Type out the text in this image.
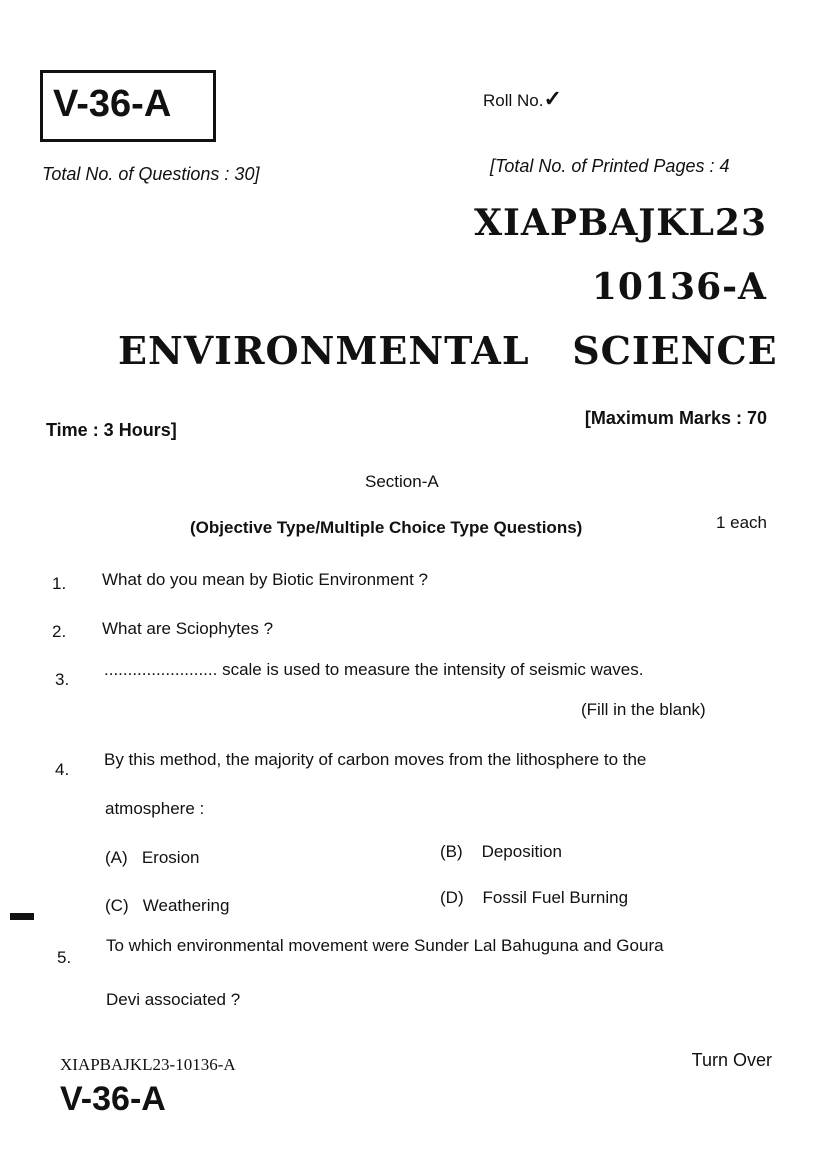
V-36-A	Roll No.✓
Total No. of Questions : 30]	[Total No. of Printed Pages : 4
XIAPBAJKL23
10136-A
ENVIRONMENTAL   SCIENCE
Time : 3 Hours]
[Maximum Marks : 70
Section-A
(Objective Type/Multiple Choice Type Questions)	1 each
1. What do you mean by Biotic Environment ?
2. What are Sciophytes ?
3.
........................ scale is used to measure the intensity of seismic waves.
(Fill in the blank)
4.
By this method, the majority of carbon moves from the lithosphere to the
atmosphere :
(A) Erosion	(B) Deposition
(C) Weathering	(D) Fossil Fuel Burning
5.
To which environmental movement were Sunder Lal Bahuguna and Goura
Devi associated ?
XIAPBAJKL23-10136-A	Turn Over
V-36-A
